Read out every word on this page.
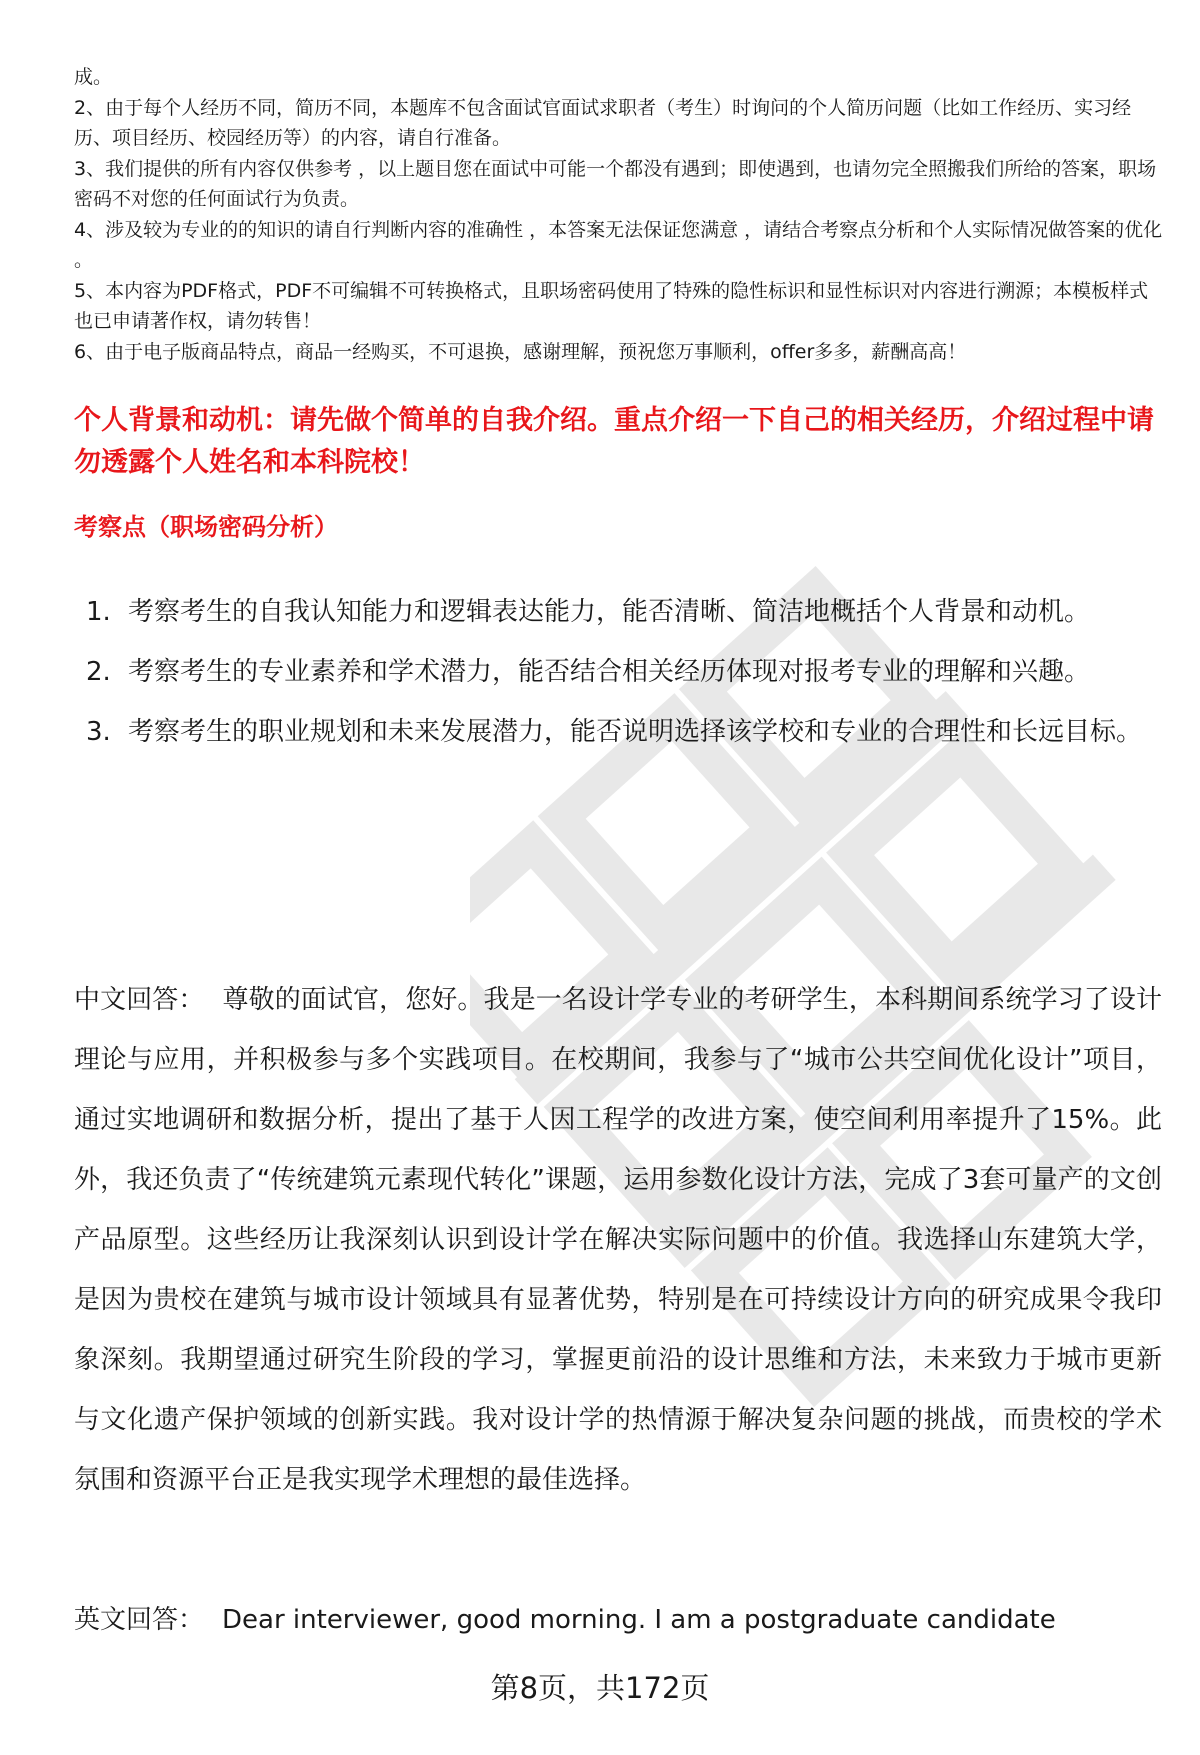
成。

2、由于每个人经历不同，简历不同，本题库不包含面试官面试求职者（考生）时询问的个人简历问题（比如工作经历、实习经历、项目经历、校园经历等）的内容，请自行准备。

3、我们提供的所有内容仅供参考 ，以上题目您在面试中可能一个都没有遇到；即使遇到，也请勿完全照搬我们所给的答案，职场密码不对您的任何面试行为负责。

4、涉及较为专业的的知识的请自行判断内容的准确性 ，本答案无法保证您满意 ，请结合考察点分析和个人实际情况做答案的优化 。

5、本内容为PDF格式，PDF不可编辑不可转换格式，且职场密码使用了特殊的隐性标识和显性标识对内容进行溯源；本模板样式也已申请著作权，请勿转售！

6、由于电子版商品特点，商品一经购买，不可退换，感谢理解，预祝您万事顺利，offer多多，薪酬高高！

个人背景和动机：请先做个简单的自我介绍。重点介绍一下自己的相关经历，介绍过程中请勿透露个人姓名和本科院校！
考察点（职场密码分析）
1. 考察考生的自我认知能力和逻辑表达能力，能否清晰、简洁地概括个人背景和动机。
2. 考察考生的专业素养和学术潜力，能否结合相关经历体现对报考专业的理解和兴趣。
3. 考察考生的职业规划和未来发展潜力，能否说明选择该学校和专业的合理性和长远目标。
中文回答： 尊敬的面试官，您好。我是一名设计学专业的考研学生，本科期间系统学习了设计理论与应用，并积极参与多个实践项目。在校期间，我参与了“城市公共空间优化设计”项目，通过实地调研和数据分析，提出了基于人因工程学的改进方案，使空间利用率提升了15%。此外，我还负责了“传统建筑元素现代转化”课题，运用参数化设计方法，完成了3套可量产的文创产品原型。这些经历让我深刻认识到设计学在解决实际问题中的价值。我选择山东建筑大学，是因为贵校在建筑与城市设计领域具有显著优势，特别是在可持续设计方向的研究成果令我印象深刻。我期望通过研究生阶段的学习，掌握更前沿的设计思维和方法，未来致力于城市更新与文化遗产保护领域的创新实践。我对设计学的热情源于解决复杂问题的挑战，而贵校的学术氛围和资源平台正是我实现学术理想的最佳选择。
英文回答： Dear interviewer, good morning. I am a postgraduate candidate
第8页，共172页
